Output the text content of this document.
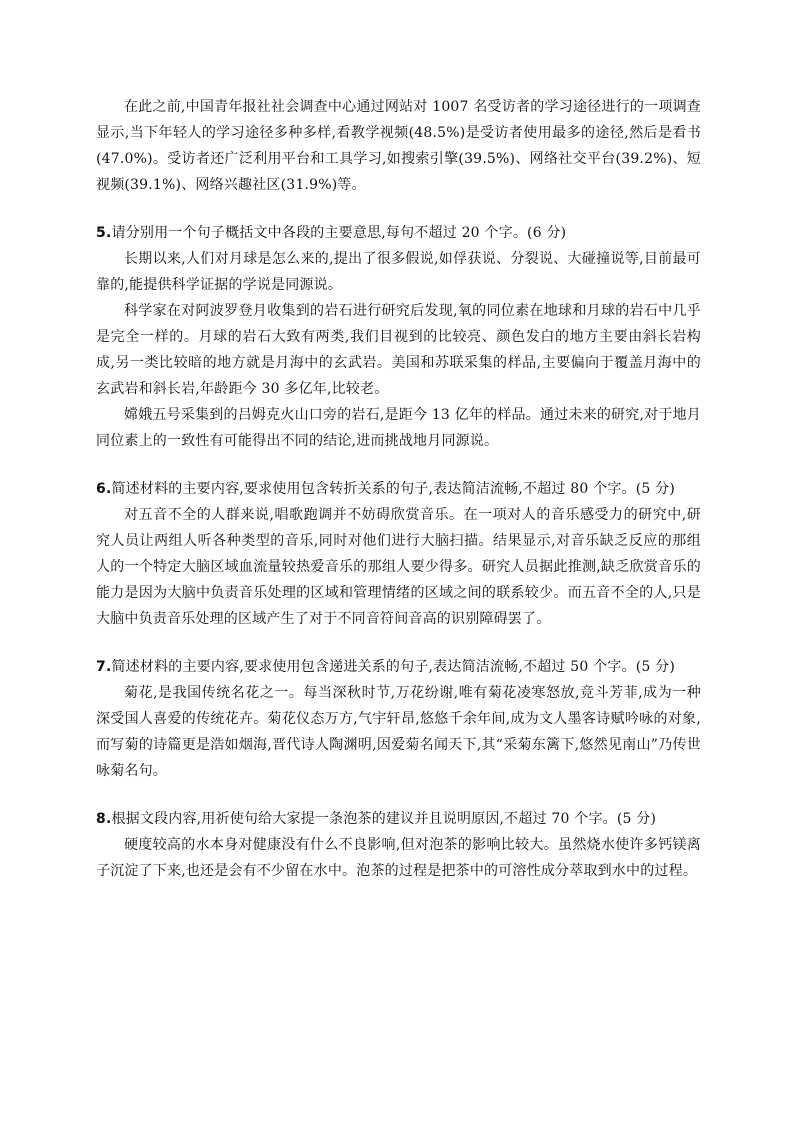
在此之前,中国青年报社社会调查中心通过网站对 1007 名受访者的学习途径进行的一项调查显示,当下年轻人的学习途径多种多样,看教学视频(48.5%)是受访者使用最多的途径,然后是看书(47.0%)。受访者还广泛利用平台和工具学习,如搜索引擎(39.5%)、网络社交平台(39.2%)、短视频(39.1%)、网络兴趣社区(31.9%)等。

5.请分别用一个句子概括文中各段的主要意思,每句不超过 20 个字。(6 分)

长期以来,人们对月球是怎么来的,提出了很多假说,如俘获说、分裂说、大碰撞说等,目前最可靠的,能提供科学证据的学说是同源说。

科学家在对阿波罗登月收集到的岩石进行研究后发现,氧的同位素在地球和月球的岩石中几乎是完全一样的。月球的岩石大致有两类,我们目视到的比较亮、颜色发白的地方主要由斜长岩构成,另一类比较暗的地方就是月海中的玄武岩。美国和苏联采集的样品,主要偏向于覆盖月海中的玄武岩和斜长岩,年龄距今 30 多亿年,比较老。

嫦娥五号采集到的吕姆克火山口旁的岩石,是距今 13 亿年的样品。通过未来的研究,对于地月同位素上的一致性有可能得出不同的结论,进而挑战地月同源说。

6.简述材料的主要内容,要求使用包含转折关系的句子,表达简洁流畅,不超过 80 个字。(5 分)

对五音不全的人群来说,唱歌跑调并不妨碍欣赏音乐。在一项对人的音乐感受力的研究中,研究人员让两组人听各种类型的音乐,同时对他们进行大脑扫描。结果显示,对音乐缺乏反应的那组人的一个特定大脑区域血流量较热爱音乐的那组人要少得多。研究人员据此推测,缺乏欣赏音乐的能力是因为大脑中负责音乐处理的区域和管理情绪的区域之间的联系较少。而五音不全的人,只是大脑中负责音乐处理的区域产生了对于不同音符间音高的识别障碍罢了。

7.简述材料的主要内容,要求使用包含递进关系的句子,表达简洁流畅,不超过 50 个字。(5 分)

菊花,是我国传统名花之一。每当深秋时节,万花纷谢,唯有菊花凌寒怒放,竞斗芳菲,成为一种深受国人喜爱的传统花卉。菊花仪态万方,气宇轩昂,悠悠千余年间,成为文人墨客诗赋吟咏的对象,而写菊的诗篇更是浩如烟海,晋代诗人陶渊明,因爱菊名闻天下,其“采菊东篱下,悠然见南山”乃传世咏菊名句。

8.根据文段内容,用祈使句给大家提一条泡茶的建议并且说明原因,不超过 70 个字。(5 分)

硬度较高的水本身对健康没有什么不良影响,但对泡茶的影响比较大。虽然烧水使许多钙镁离子沉淀了下来,也还是会有不少留在水中。泡茶的过程是把茶中的可溶性成分萃取到水中的过程。
